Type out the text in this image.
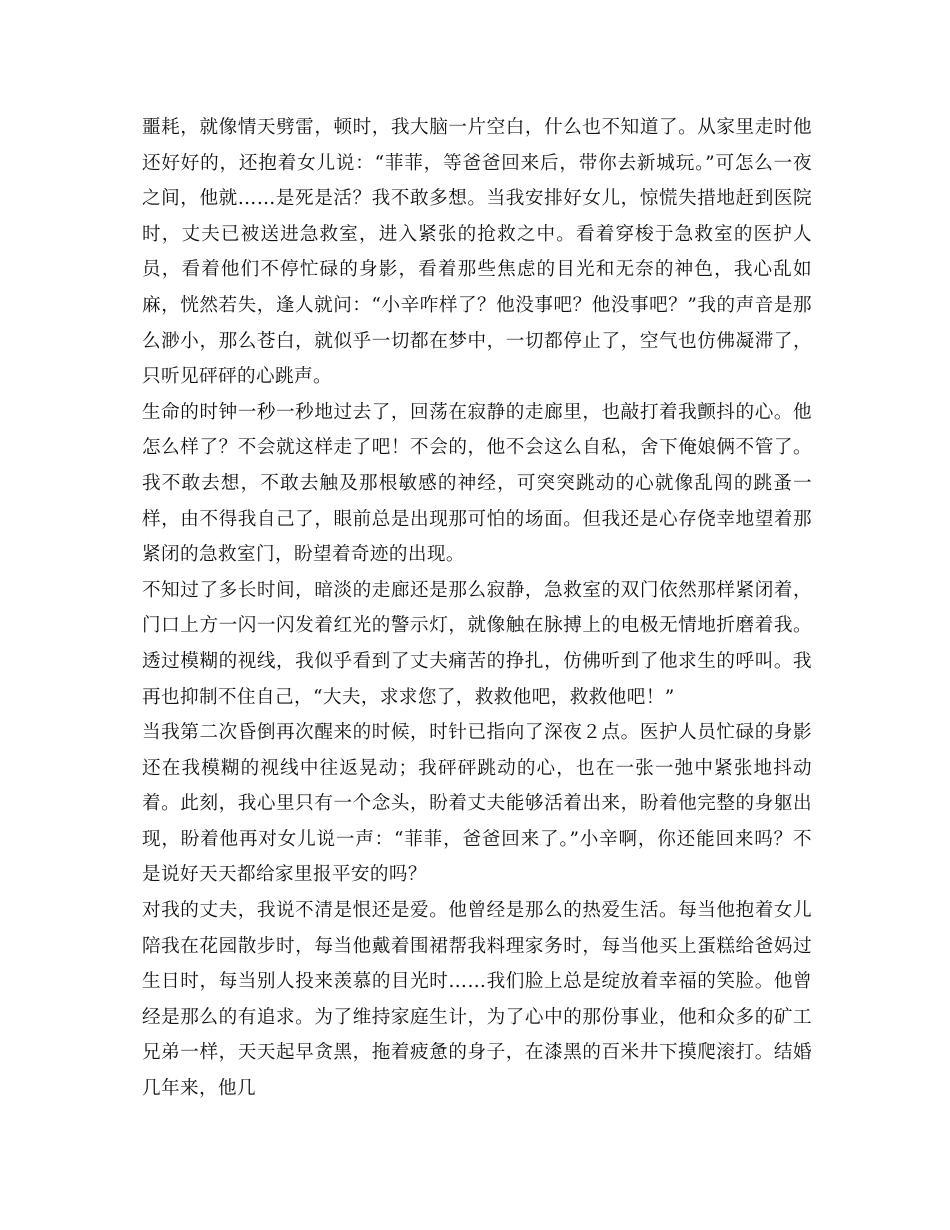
噩耗，就像情天劈雷，顿时，我大脑一片空白，什么也不知道了。从家里走时他还好好的，还抱着女儿说：“菲菲，等爸爸回来后，带你去新城玩。”可怎么一夜之间，他就……是死是活？我不敢多想。当我安排好女儿，惊慌失措地赶到医院时，丈夫已被送进急救室，进入紧张的抢救之中。看着穿梭于急救室的医护人员，看着他们不停忙碌的身影，看着那些焦虑的目光和无奈的神色，我心乱如麻，恍然若失，逢人就问：“小辛咋样了？他没事吧？他没事吧？”我的声音是那么渺小，那么苍白，就似乎一切都在梦中，一切都停止了，空气也仿佛凝滞了，只听见砰砰的心跳声。

生命的时钟一秒一秒地过去了，回荡在寂静的走廊里，也敲打着我颤抖的心。他怎么样了？不会就这样走了吧！不会的，他不会这么自私，舍下俺娘俩不管了。我不敢去想，不敢去触及那根敏感的神经，可突突跳动的心就像乱闯的跳蚤一样，由不得我自己了，眼前总是出现那可怕的场面。但我还是心存侥幸地望着那紧闭的急救室门，盼望着奇迹的出现。

不知过了多长时间，暗淡的走廊还是那么寂静，急救室的双门依然那样紧闭着，门口上方一闪一闪发着红光的警示灯，就像触在脉搏上的电极无情地折磨着我。透过模糊的视线，我似乎看到了丈夫痛苦的挣扎，仿佛听到了他求生的呼叫。我再也抑制不住自己，“大夫，求求您了，救救他吧，救救他吧！”

当我第二次昏倒再次醒来的时候，时针已指向了深夜２点。医护人员忙碌的身影还在我模糊的视线中往返晃动；我砰砰跳动的心，也在一张一弛中紧张地抖动着。此刻，我心里只有一个念头，盼着丈夫能够活着出来，盼着他完整的身躯出现，盼着他再对女儿说一声：“菲菲，爸爸回来了。”小辛啊，你还能回来吗？不是说好天天都给家里报平安的吗？

对我的丈夫，我说不清是恨还是爱。他曾经是那么的热爱生活。每当他抱着女儿陪我在花园散步时，每当他戴着围裙帮我料理家务时，每当他买上蛋糕给爸妈过生日时，每当别人投来羡慕的目光时……我们脸上总是绽放着幸福的笑脸。他曾经是那么的有追求。为了维持家庭生计，为了心中的那份事业，他和众多的矿工兄弟一样，天天起早贪黑，拖着疲惫的身子，在漆黑的百米井下摸爬滚打。结婚几年来，他几
